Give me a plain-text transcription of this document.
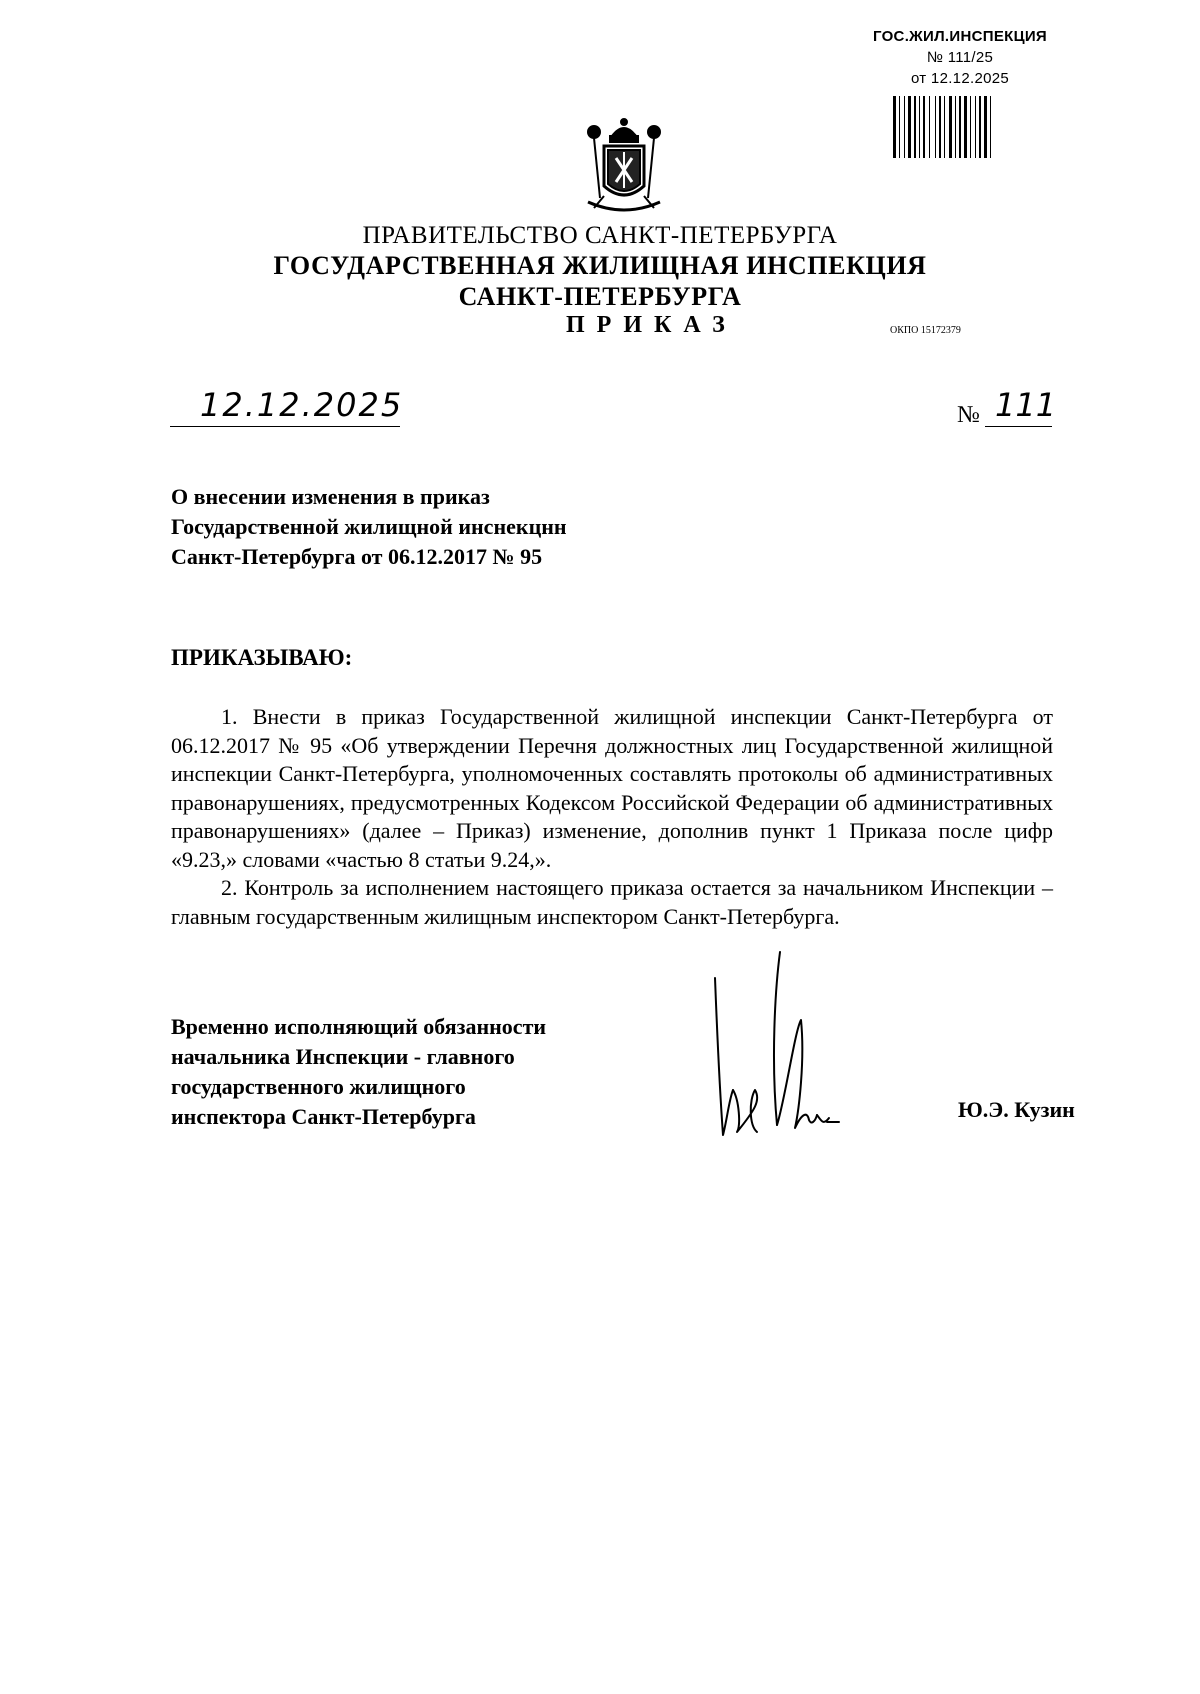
ГОС.ЖИЛ.ИНСПЕКЦИЯ
№ 111/25
от 12.12.2025
ПРАВИТЕЛЬСТВО САНКТ-ПЕТЕРБУРГА
ГОСУДАРСТВЕННАЯ ЖИЛИЩНАЯ ИНСПЕКЦИЯ
САНКТ-ПЕТЕРБУРГА
ПРИКАЗ	ОКПО 15172379
12.12.2025	№ 111
О внесении изменения в приказ
Государственной жилищной инснекцнн
Санкт-Петербурга от 06.12.2017 № 95
ПРИКАЗЫВАЮ:

1. Внести в приказ Государственной жилищной инспекции Санкт-Петербурга от 06.12.2017 № 95 «Об утверждении Перечня должностных лиц Государственной жилищной инспекции Санкт-Петербурга, уполномоченных составлять протоколы об административных правонарушениях, предусмотренных Кодексом Российской Федерации об административных правонарушениях» (далее – Приказ) изменение, дополнив пункт 1 Приказа после цифр «9.23,» словами «частью 8 статьи 9.24,».

2. Контроль за исполнением настоящего приказа остается за начальником Инспекции – главным государственным жилищным инспектором Санкт-Петербурга.

Временно исполняющий обязанности
начальника Инспекции - главного
государственного жилищного
инспектора Санкт-Петербурга	Ю.Э. Кузин
